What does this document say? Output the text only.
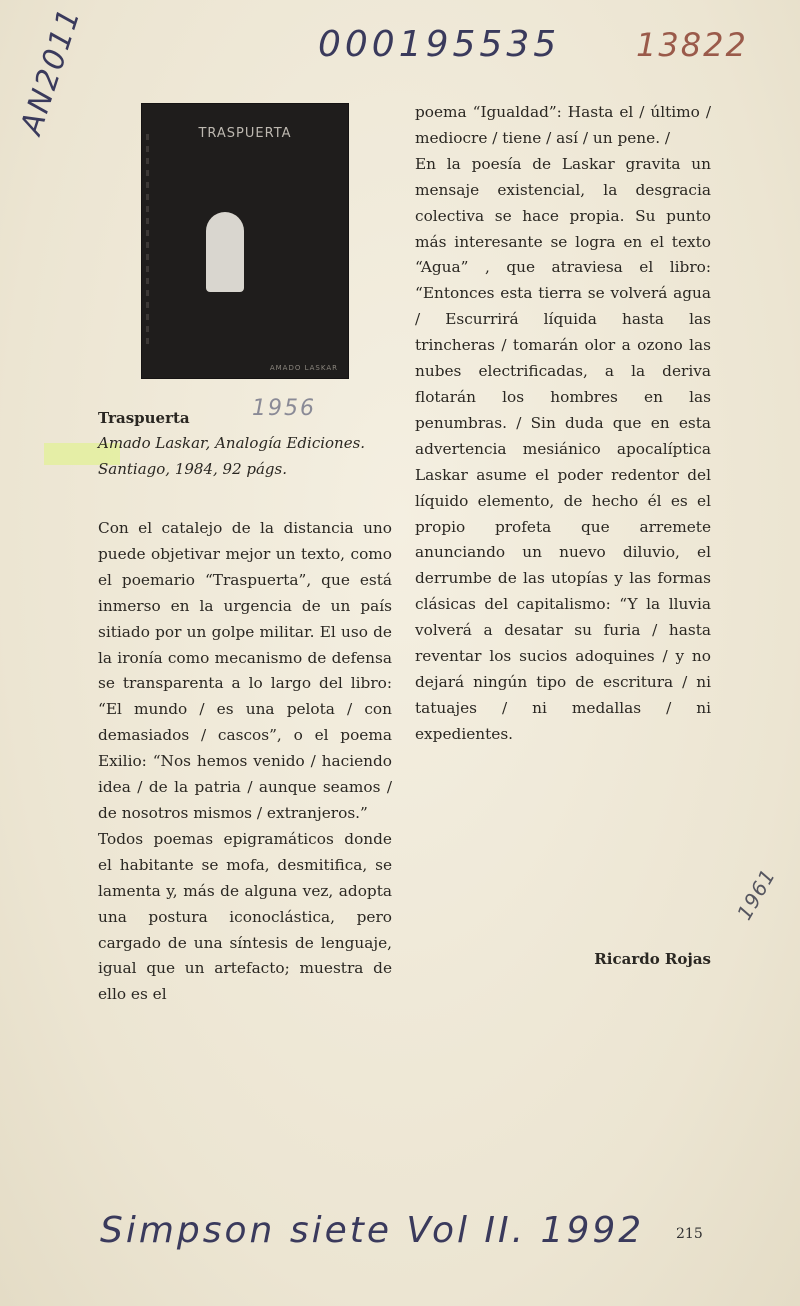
000195535 13822
AN2011	TRASPUERTA
AMADO LASKAR
Traspuerta	1956
Amado Laskar, Analogía Ediciones. Santiago, 1984, 92 págs.

Con el catalejo de la distancia uno puede objetivar mejor un texto, como el poemario “Traspuerta”, que está inmerso en la urgencia de un país sitiado por un golpe militar. El uso de la ironía como mecanismo de defensa se transparenta a lo largo del libro: “El mundo / es una pelota / con demasiados / cascos”, o el poema Exilio: “Nos hemos venido / haciendo idea / de la patria / aunque seamos / de nosotros mismos / extranjeros.”

Todos poemas epigramáticos donde el habitante se mofa, desmitifica, se lamenta y, más de alguna vez, adopta una postura iconoclástica, pero cargado de una síntesis de lenguaje, igual que un artefacto; muestra de ello es el

poema “Igualdad”: Hasta el / último / mediocre / tiene / así / un pene. /

En la poesía de Laskar gravita un mensaje existencial, la desgracia colectiva se hace propia. Su punto más interesante se logra en el texto “Agua” , que atraviesa el libro: “Entonces esta tierra se volverá agua / Escurrirá líquida hasta las trincheras / tomarán olor a ozono las nubes electrificadas, a la deriva flotarán los hombres en las penumbras. / Sin duda que en esta advertencia mesiánico apocalíptica Laskar asume el poder redentor del líquido elemento, de hecho él es el propio profeta que arremete anunciando un nuevo diluvio, el derrumbe de las utopías y las formas clásicas del capitalismo: “Y la lluvia volverá a desatar su furia / hasta reventar los sucios adoquines / y no dejará ningún tipo de escritura / ni tatuajes / ni medallas / ni expedientes.

Ricardo Rojas
1961
Simpson siete Vol II. 1992 215
